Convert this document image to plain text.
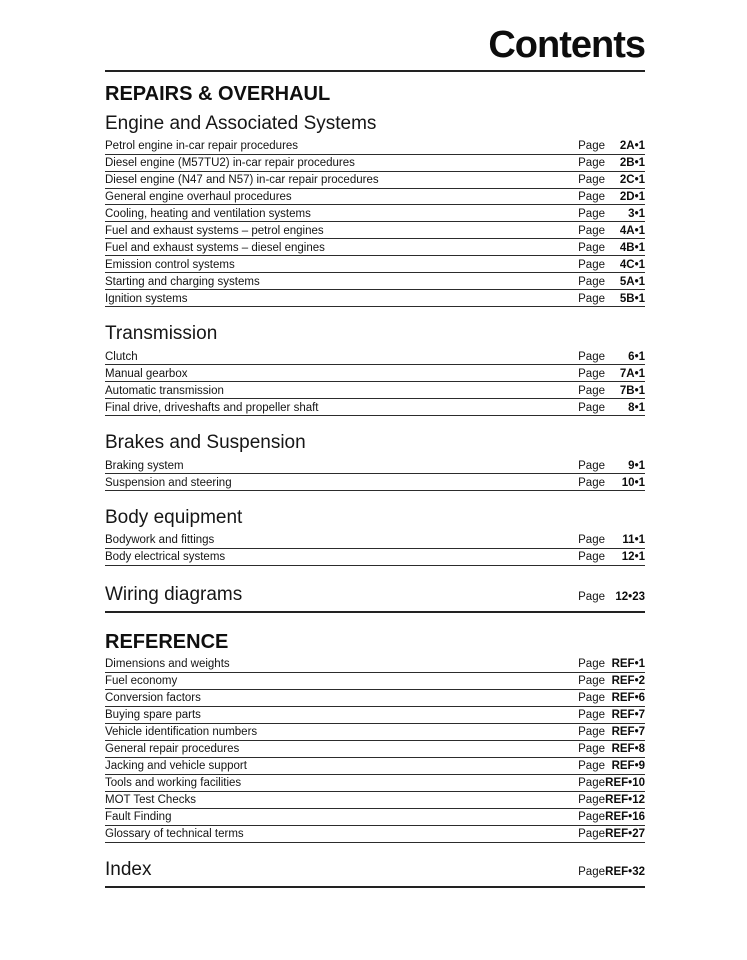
Contents
REPAIRS & OVERHAUL
Engine and Associated Systems
Petrol engine in-car repair procedures	Page	2A•1
Diesel engine (M57TU2) in-car repair procedures	Page	2B•1
Diesel engine (N47 and N57) in-car repair procedures	Page	2C•1
General engine overhaul procedures	Page	2D•1
Cooling, heating and ventilation systems	Page	3•1
Fuel and exhaust systems – petrol engines	Page	4A•1
Fuel and exhaust systems – diesel engines	Page	4B•1
Emission control systems	Page	4C•1
Starting and charging systems	Page	5A•1
Ignition systems	Page	5B•1
Transmission
Clutch	Page	6•1
Manual gearbox	Page	7A•1
Automatic transmission	Page	7B•1
Final drive, driveshafts and propeller shaft	Page	8•1
Brakes and Suspension
Braking system	Page	9•1
Suspension and steering	Page	10•1
Body equipment
Bodywork and fittings	Page	11•1
Body electrical systems	Page	12•1
Wiring diagrams	Page 12•23
REFERENCE
Dimensions and weights	Page REF•1
Fuel economy	Page REF•2
Conversion factors	Page REF•6
Buying spare parts	Page REF•7
Vehicle identification numbers	Page REF•7
General repair procedures	Page REF•8
Jacking and vehicle support	Page REF•9
Tools and working facilities	Page REF•10
MOT Test Checks	Page REF•12
Fault Finding	Page REF•16
Glossary of technical terms	Page REF•27
Index	Page REF•32
